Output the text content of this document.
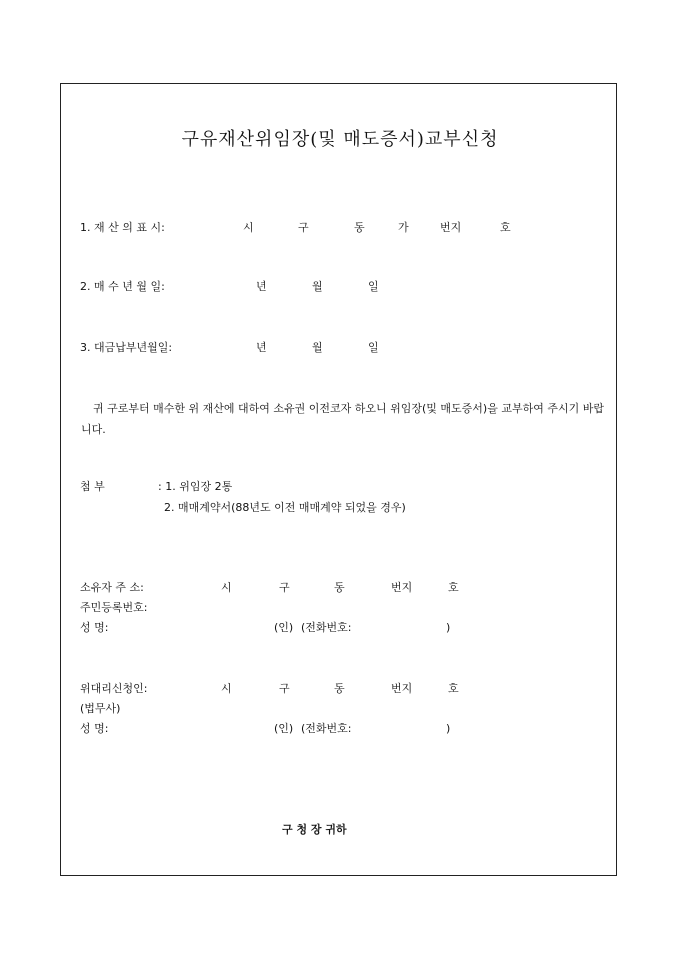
구유재산위임장(및 매도증서)교부신청
1. 재 산 의 표 시:	시	구	동	가	번지	호
2. 매 수 년 월 일:	년	월	일
3. 대금납부년월일:	년	월	일
귀 구로부터 매수한 위 재산에 대하여 소유권 이전코자 하오니 위임장(및 매도증서)을 교부하여 주시기 바랍니다.
첨 부	: 1. 위임장 2통
2. 매매계약서(88년도 이전 매매계약 되었을 경우)
소유자 주 소:	시	구	동	번지	호
주민등록번호:
성 명:	(인) (전화번호:	)
위대리신청인:	시	구	동	번지	호
(법무사)
성 명:	(인) (전화번호:	)
구 청 장 귀하
